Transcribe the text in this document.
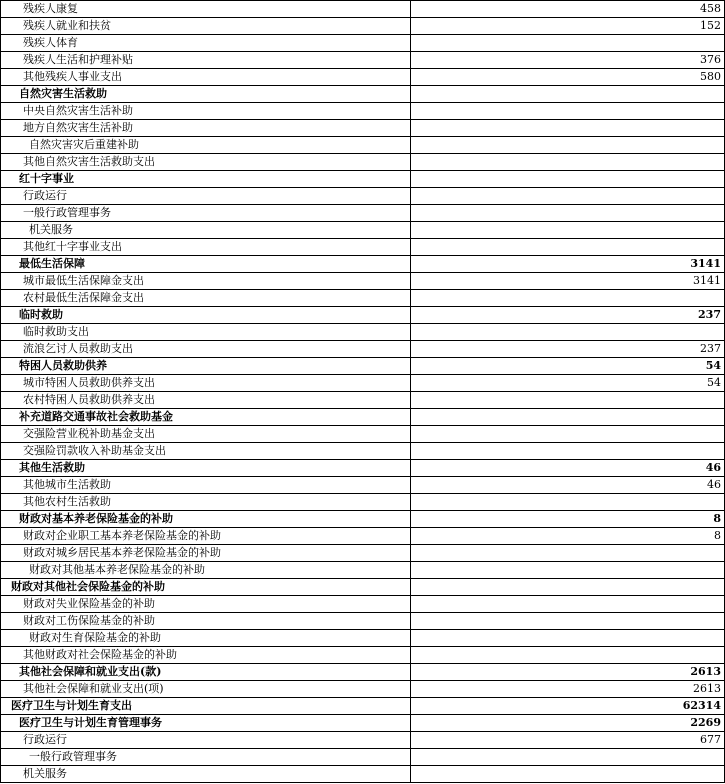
残疾人康复	458
残疾人就业和扶贫	152
残疾人体育	
残疾人生活和护理补贴	376
其他残疾人事业支出	580
自然灾害生活救助	
中央自然灾害生活补助	
地方自然灾害生活补助	
自然灾害灾后重建补助	
其他自然灾害生活救助支出	
红十字事业	
行政运行	
一般行政管理事务	
机关服务	
其他红十字事业支出	
最低生活保障	3141
城市最低生活保障金支出	3141
农村最低生活保障金支出	
临时救助	237
临时救助支出	
流浪乞讨人员救助支出	237
特困人员救助供养	54
城市特困人员救助供养支出	54
农村特困人员救助供养支出	
补充道路交通事故社会救助基金	
交强险营业税补助基金支出	
交强险罚款收入补助基金支出	
其他生活救助	46
其他城市生活救助	46
其他农村生活救助	
财政对基本养老保险基金的补助	8
财政对企业职工基本养老保险基金的补助	8
财政对城乡居民基本养老保险基金的补助	
财政对其他基本养老保险基金的补助	
财政对其他社会保险基金的补助	
财政对失业保险基金的补助	
财政对工伤保险基金的补助	
财政对生育保险基金的补助	
其他财政对社会保险基金的补助	
其他社会保障和就业支出(款)	2613
其他社会保障和就业支出(项)	2613
医疗卫生与计划生育支出	62314
医疗卫生与计划生育管理事务	2269
行政运行	677
一般行政管理事务	
机关服务	
